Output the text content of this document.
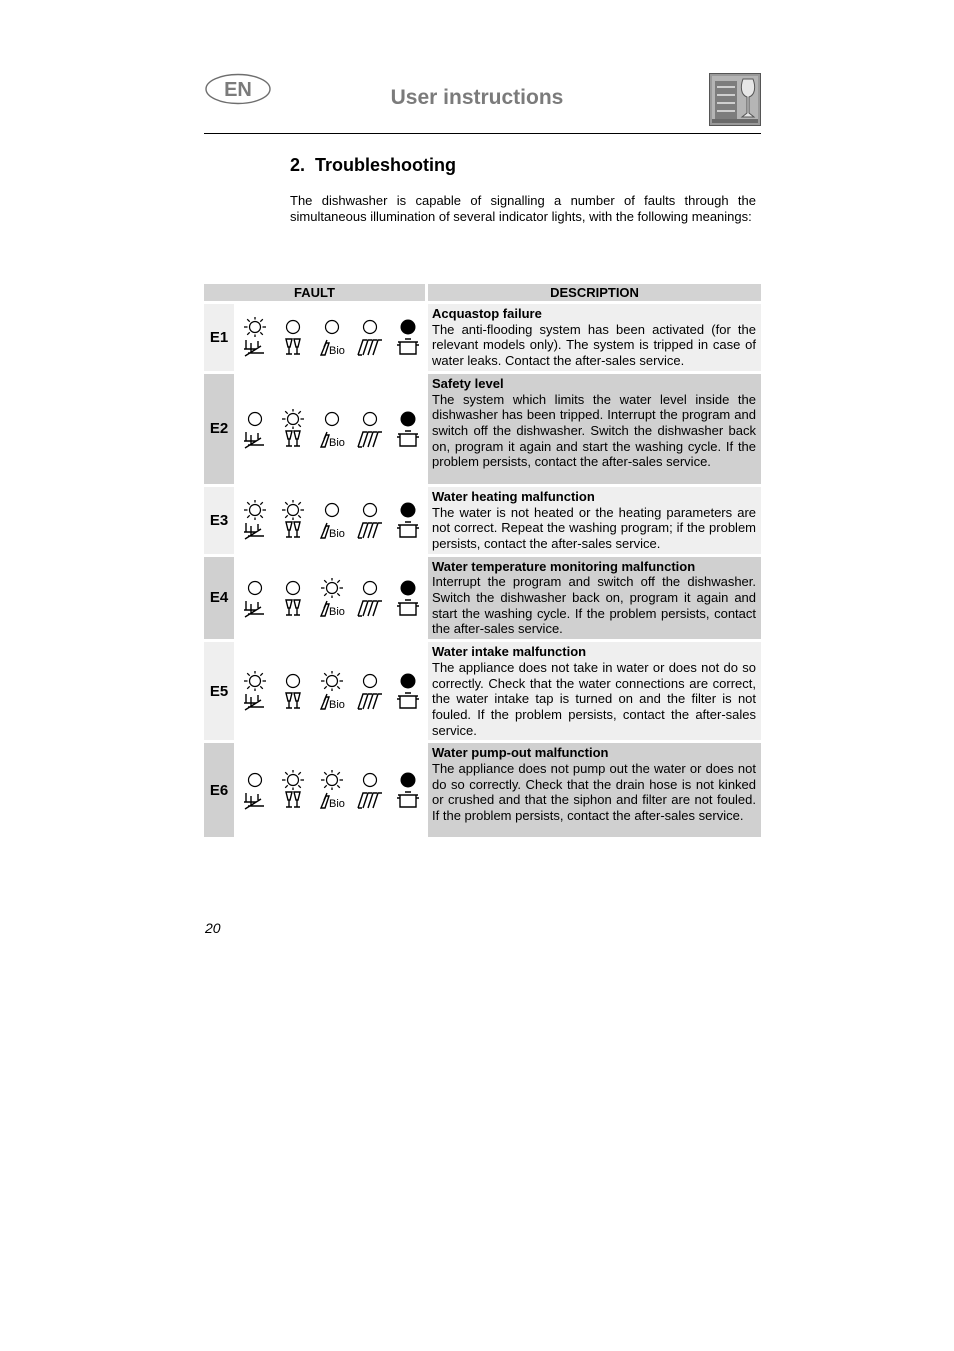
EN	User instructions
2. Troubleshooting
The dishwasher is capable of signalling a number of faults through the simultaneous illumination of several indicator lights, with the following meanings:
FAULT		DESCRIPTION

E1	Bio	Acquastop failure
The anti-flooding system has been activated (for the relevant models only). The system is tripped in case of water leaks. Contact the after-sales service.

E2	Bio	Safety level
The system which limits the water level inside the dishwasher has been tripped. Interrupt the program and switch off the dishwasher. Switch the dishwasher back on, program it again and start the washing cycle. If the problem persists, contact the after-sales service.

E3	Bio	Water heating malfunction
The water is not heated or the heating parameters are not correct. Repeat the washing program; if the problem persists, contact the after-sales service.

E4	Bio	Water temperature monitoring malfunction
Interrupt the program and switch off the dishwasher. Switch the dishwasher back on, program it again and start the washing cycle. If the problem persists, contact the after-sales service.

E5	Bio	Water intake malfunction
The appliance does not take in water or does not do so correctly. Check that the water connections are correct, the water intake tap is turned on and the filter is not fouled. If the problem persists, contact the after-sales service.

E6	Bio	Water pump-out malfunction
The appliance does not pump out the water or does not do so correctly. Check that the drain hose is not kinked or crushed and that the siphon and filter are not fouled. If the problem persists, contact the after-sales service.
20
